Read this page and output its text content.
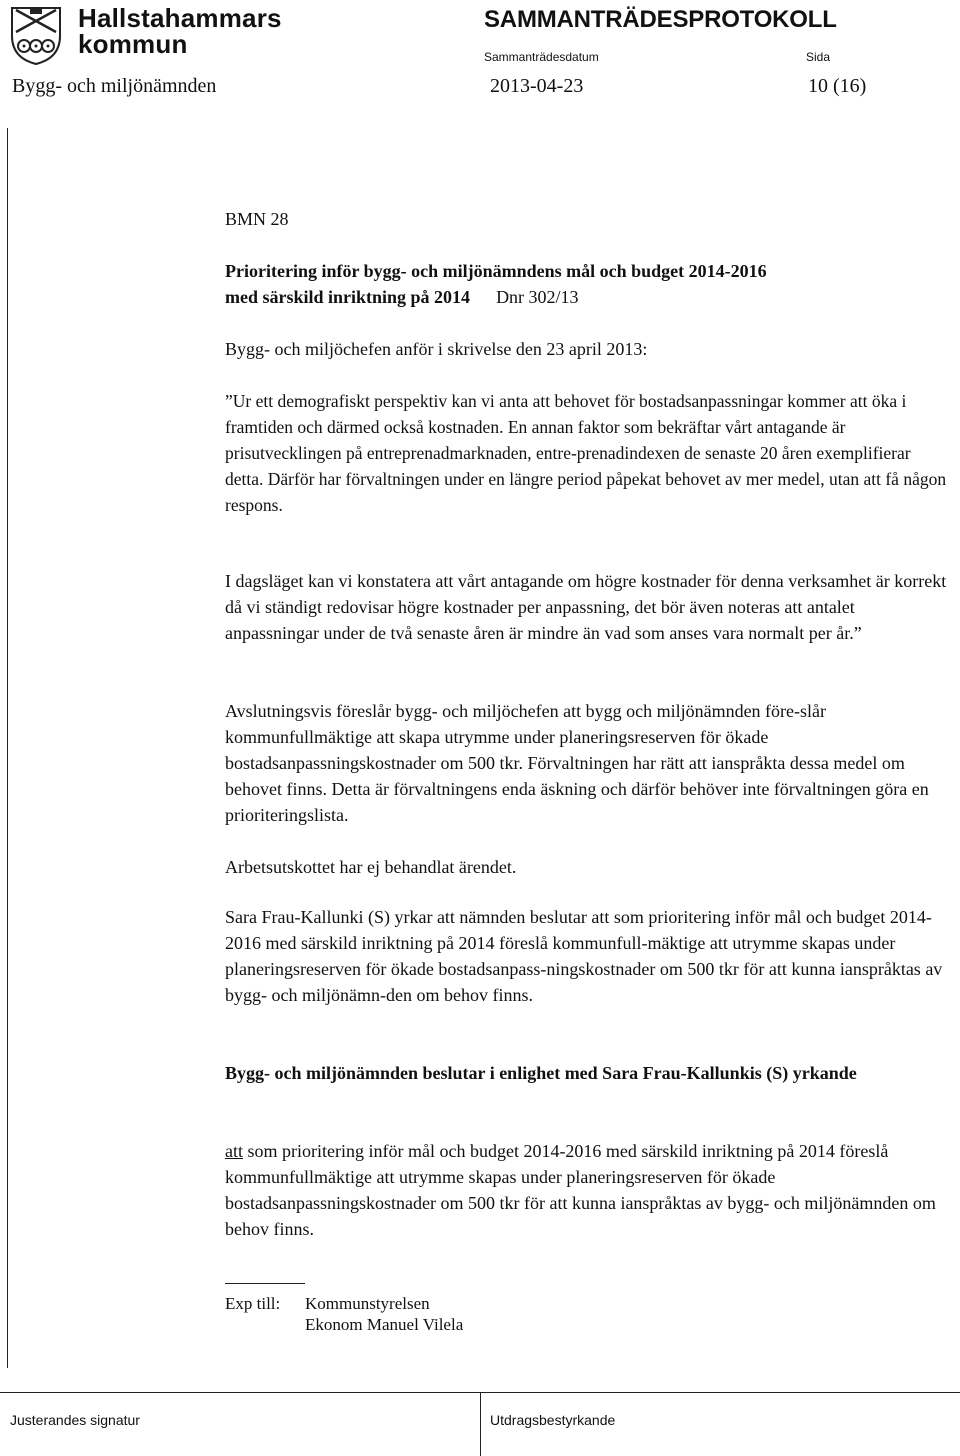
Hallstahammars
kommun
SAMMANTRÄDESPROTOKOLL
Sammanträdesdatum	Sida
Bygg- och miljönämnden	2013-04-23	10 (16)
BMN 28
Prioritering inför bygg- och miljönämndens mål och budget 2014-2016
med särskild inriktning på 2014 Dnr 302/13

Bygg- och miljöchefen anför i skrivelse den 23 april 2013:

”Ur ett demografiskt perspektiv kan vi anta att behovet för bostadsanpassningar kommer att öka i framtiden och därmed också kostnaden. En annan faktor som bekräftar vårt antagande är prisutvecklingen på entreprenadmarknaden, entre-prenadindexen de senaste 20 åren exemplifierar detta. Därför har förvaltningen under en längre period påpekat behovet av mer medel, utan att få någon respons.

I dagsläget kan vi konstatera att vårt antagande om högre kostnader för denna verksamhet är korrekt då vi ständigt redovisar högre kostnader per anpassning, det bör även noteras att antalet anpassningar under de två senaste åren är mindre än vad som anses vara normalt per år.”

Avslutningsvis föreslår bygg- och miljöchefen att bygg och miljönämnden före-slår kommunfullmäktige att skapa utrymme under planeringsreserven för ökade bostadsanpassningskostnader om 500 tkr. Förvaltningen har rätt att ianspråkta dessa medel om behovet finns. Detta är förvaltningens enda äskning och därför behöver inte förvaltningen göra en prioriteringslista.

Arbetsutskottet har ej behandlat ärendet.

Sara Frau-Kallunki (S) yrkar att nämnden beslutar att som prioritering inför mål och budget 2014-2016 med särskild inriktning på 2014 föreslå kommunfull-mäktige att utrymme skapas under planeringsreserven för ökade bostadsanpass-ningskostnader om 500 tkr för att kunna ianspråktas av bygg- och miljönämn-den om behov finns.

Bygg- och miljönämnden beslutar i enlighet med Sara Frau-Kallunkis (S) yrkande

att som prioritering inför mål och budget 2014-2016 med särskild inriktning på 2014 föreslå kommunfullmäktige att utrymme skapas under planeringsreserven för ökade bostadsanpassningskostnader om 500 tkr för att kunna ianspråktas av bygg- och miljönämnden om behov finns.

Exp till: Kommunstyrelsen
Ekonom Manuel Vilela
Justerandes signatur	Utdragsbestyrkande
